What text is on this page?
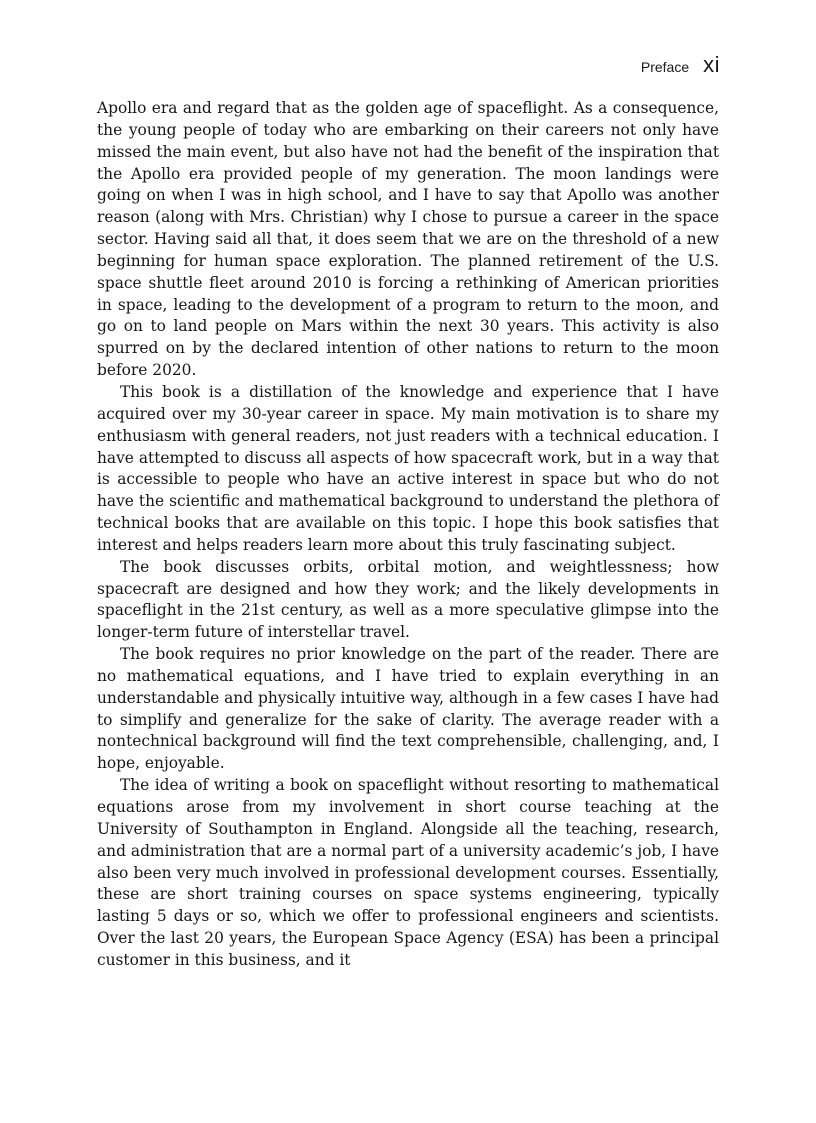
Preface xi

Apollo era and regard that as the golden age of spaceflight. As a consequence, the young people of today who are embarking on their careers not only have missed the main event, but also have not had the benefit of the inspiration that the Apollo era provided people of my generation. The moon landings were going on when I was in high school, and I have to say that Apollo was another reason (along with Mrs. Christian) why I chose to pursue a career in the space sector. Having said all that, it does seem that we are on the threshold of a new beginning for human space exploration. The planned retirement of the U.S. space shuttle fleet around 2010 is forcing a rethinking of American priorities in space, leading to the development of a program to return to the moon, and go on to land people on Mars within the next 30 years. This activity is also spurred on by the declared intention of other nations to return to the moon before 2020.

This book is a distillation of the knowledge and experience that I have acquired over my 30-year career in space. My main motivation is to share my enthusiasm with general readers, not just readers with a technical education. I have attempted to discuss all aspects of how spacecraft work, but in a way that is accessible to people who have an active interest in space but who do not have the scientific and mathematical background to understand the plethora of technical books that are available on this topic. I hope this book satisfies that interest and helps readers learn more about this truly fascinating subject.

The book discusses orbits, orbital motion, and weightlessness; how spacecraft are designed and how they work; and the likely developments in spaceflight in the 21st century, as well as a more speculative glimpse into the longer-term future of interstellar travel.

The book requires no prior knowledge on the part of the reader. There are no mathematical equations, and I have tried to explain everything in an understandable and physically intuitive way, although in a few cases I have had to simplify and generalize for the sake of clarity. The average reader with a nontechnical background will find the text comprehensible, challenging, and, I hope, enjoyable.

The idea of writing a book on spaceflight without resorting to mathematical equations arose from my involvement in short course teaching at the University of Southampton in England. Alongside all the teaching, research, and administration that are a normal part of a university academic’s job, I have also been very much involved in professional development courses. Essentially, these are short training courses on space systems engineering, typically lasting 5 days or so, which we offer to professional engineers and scientists. Over the last 20 years, the European Space Agency (ESA) has been a principal customer in this business, and it
